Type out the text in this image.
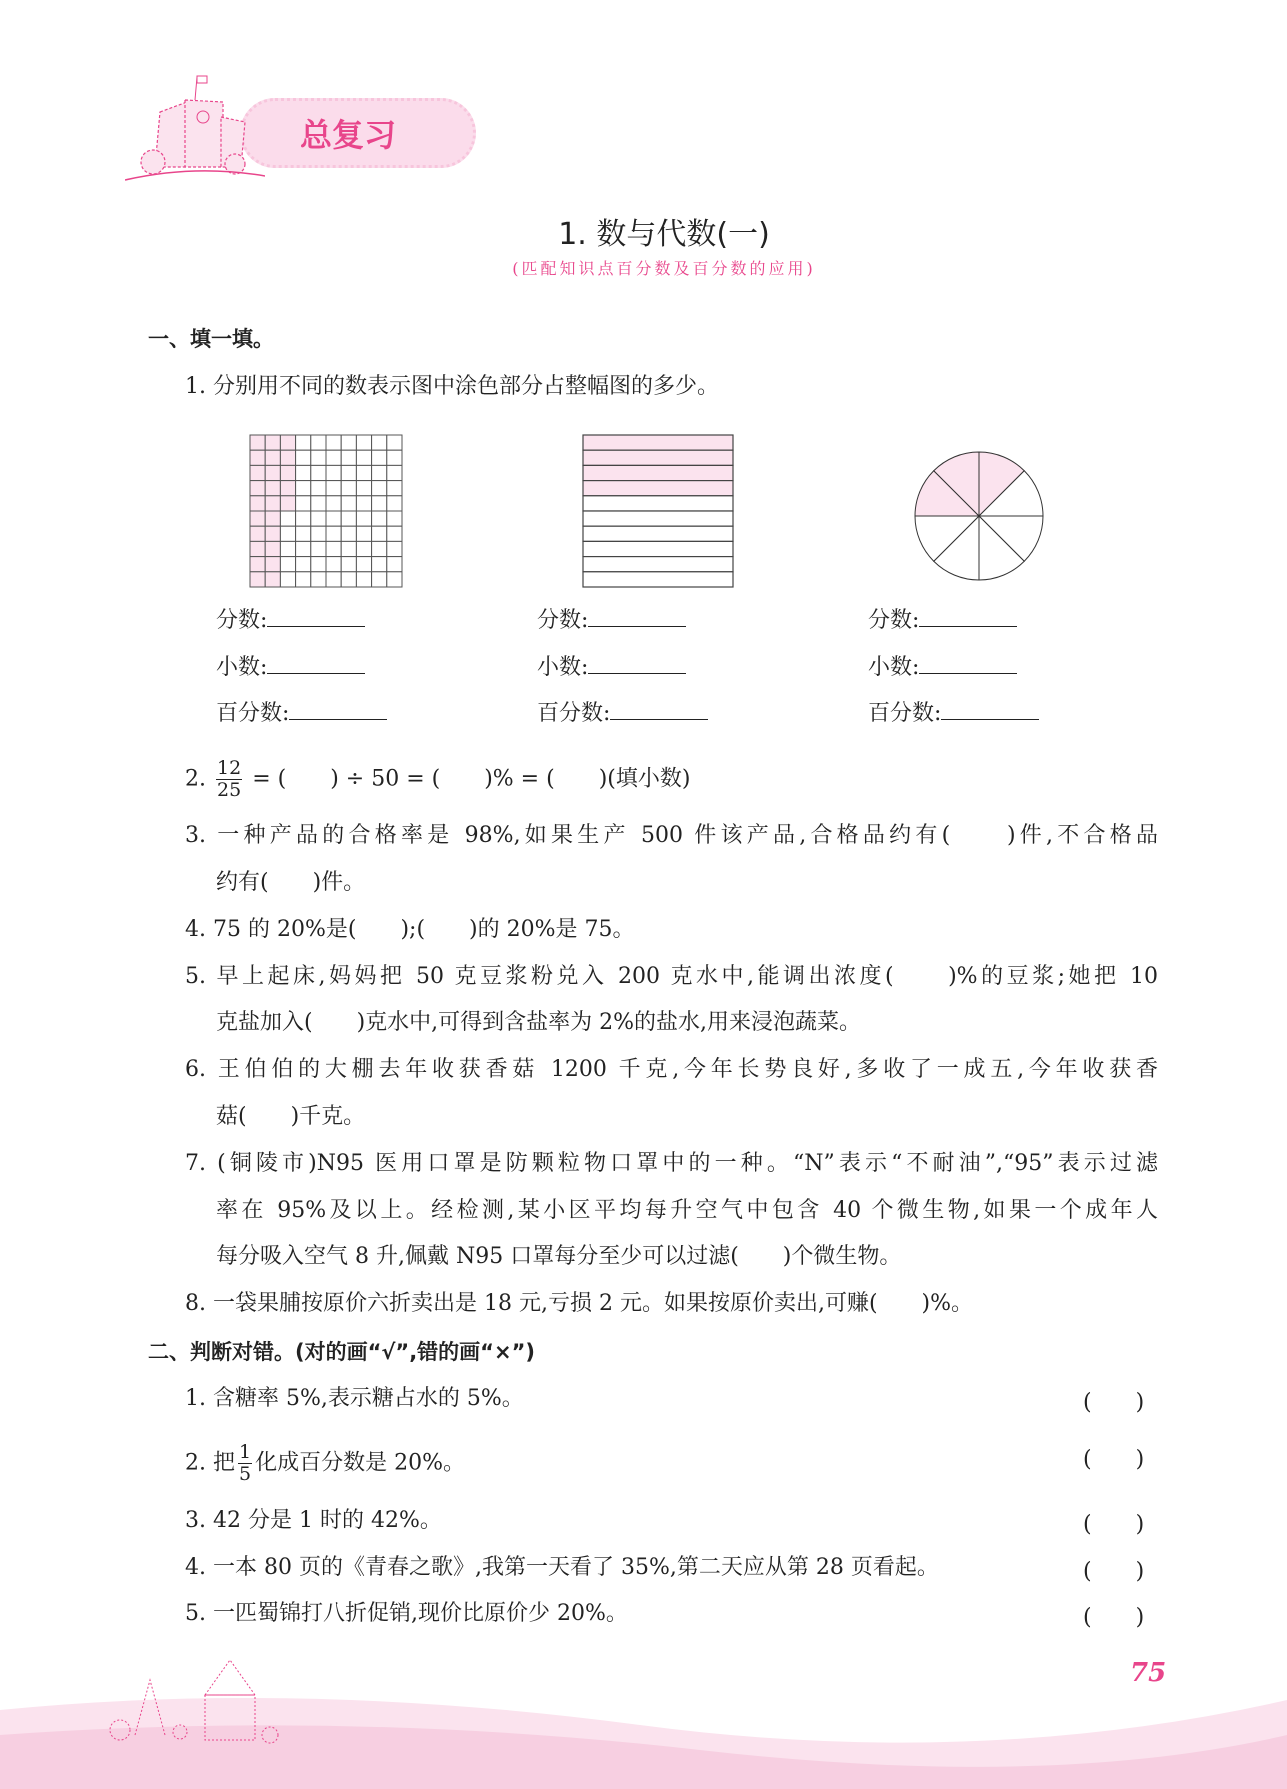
总复习
1. 数与代数(一)
(匹配知识点百分数及百分数的应用)
一、填一填。
1. 分别用不同的数表示图中涂色部分占整幅图的多少。
分数:
小数:
百分数:
分数:
小数:
百分数:
分数:
小数:
百分数:
2. $\frac{12}{25}$ = (　　) ÷ 50 = (　　)% = (　　)(填小数)
3. 一种产品的合格率是 98%,如果生产 500 件该产品,合格品约有(　　)件,不合格品
约有(　　)件。
4. 75 的 20%是(　　);(　　)的 20%是 75。
5. 早上起床,妈妈把 50 克豆浆粉兑入 200 克水中,能调出浓度(　　)%的豆浆;她把 10
克盐加入(　　)克水中,可得到含盐率为 2%的盐水,用来浸泡蔬菜。
6. 王伯伯的大棚去年收获香菇 1200 千克,今年长势良好,多收了一成五,今年收获香
菇(　　)千克。
7. (铜陵市)N95 医用口罩是防颗粒物口罩中的一种。“N”表示“不耐油”,“95”表示过滤
率在 95%及以上。经检测,某小区平均每升空气中包含 40 个微生物,如果一个成年人
每分吸入空气 8 升,佩戴 N95 口罩每分至少可以过滤(　　)个微生物。
8. 一袋果脯按原价六折卖出是 18 元,亏损 2 元。如果按原价卖出,可赚(　　)%。
二、判断对错。(对的画“√”,错的画“×”)
1. 含糖率 5%,表示糖占水的 5%。	(　　)
2. 把 $\frac{1}{5}$ 化成百分数是 20%。	(　　)
3. 42 分是 1 时的 42%。	(　　)
4. 一本 80 页的《青春之歌》,我第一天看了 35%,第二天应从第 28 页看起。	(　　)
5. 一匹蜀锦打八折促销,现价比原价少 20%。	(　　)
75
